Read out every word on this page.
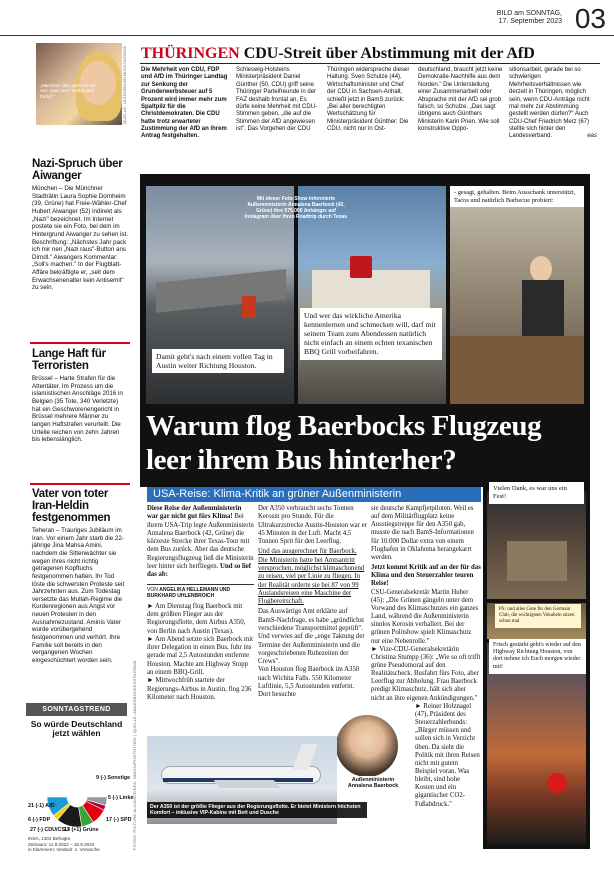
BILD am SONNTAG,
17. September 2023 03
„Nächstes Jahr pack ich mir nen „Nazi raus"-Button ans Dirndl."	QUELLE: LESDORNHEIM/INSTAGRAM
Nazi-Spruch über Aiwanger
München – Die Münchner Stadträtin Laura Sophie Dornheim (39, Grüne) hat Freie-Wähler-Chef Hubert Aiwanger (52) indirekt als „Nazi" bezeichnet. Im Internet postete sie ein Foto, bei dem im Hintergrund Aiwanger zu sehen ist. Beschriftung: „Nächstes Jahr pack ich mir nen „Nazi raus"-Button ans Dirndl." Aiwangers Kommentar: „Soll's machen." In der Flugblatt-Affäre bekräftigte er, „seit dem Erwachsenenalter kein Antisemit" zu sein.
Lange Haft für Terroristen
Brüssel – Harte Strafen für die Attentäter. Im Prozess um die islamistischen Anschläge 2016 in Belgien (35 Tote, 340 Verletzte) hat ein Geschworenengericht in Brüssel mehrere Männer zu langen Haftstrafen verurteilt. Die Urteile reichen von zehn Jahren bis lebenslänglich.
Vater von toter Iran-Heldin festgenommen
Teheran – Trauriges Jubiläum im Iran. Vor einem Jahr starb die 22-jährige Jina Mahsa Amini, nachdem die Sittenwächter sie wegen ihres nicht richtig getragenen Kopftuchs festgenommen hatten. Ihr Tod löste die schwersten Proteste seit Jahrzehnten aus. Zum Todestag versetzte das Mullah-Regime die Kurdenregionen aus Angst vor neuen Protesten in den Ausnahmezustand. Aminis Vater wurde vorübergehend festgenommen und verhört. Ihre Familie soll bereits in den vergangenen Wochen eingeschüchtert worden sein.
SONNTAGSTREND
So würde Deutschland jetzt wählen
21 (-1) AfD
6 (-) FDP
27 (-) CDU/CSU
13 (+1) Grüne
17 (-) SPD
5 (-) Linke
9 (-) Sonstige
INSA, 1304 Befragte,
Zeitraum: 11.9.2022 – 15.9.2022
in Klammern: Verändr. z. Vorwoche
THÜRINGEN CDU-Streit über Abstimmung mit der AfD
Die Mehrheit von CDU, FDP und AfD im Thüringer Landtag zur Senkung der Grunderwerbsteuer auf 5 Prozent wird immer mehr zum Spaltpilz für die Christdemokraten. Die CDU hatte trotz erwarteter Zustimmung der AfD an ihrem Antrag festgehalten.
Schleswig-Holsteins Ministerpräsident Daniel Günther (50, CDU) griff seine Thüringer Parteifreunde in der FAZ deshalb frontal an. Es dürfe keine Mehrheit mit CDU-Stimmen geben, „die auf die Stimmen der AfD angewiesen ist". Das Vorgehen der CDU
Thüringen widerspreche dieser Haltung. Sven Schulze (44), Wirtschaftsminister und Chef der CDU in Sachsen-Anhalt, schießt jetzt in BamS zurück: „Bei aller berechtigten Wertschätzung für Ministerpräsident Günther: Die CDU, nicht nur in Ost-
deutschland, braucht jetzt keine Demokratie-Nachhilfe aus dem Norden." Die Unterstellung einer Zusammenarbeit oder Absprache mit der AfD sei grob falsch, so Schulze. „Das sagt übrigens auch Günthers Ministerin Karin Prien. Wie soll konstruktive Oppo-
sitionsarbeit, gerade bei so schwierigen Mehrheitsverhältnissen wie derzeit in Thüringen, möglich sein, wenn CDU-Anträge nicht mal mehr zur Abstimmung gestellt werden dürfen?" Auch CDU-Chef Friedrich Merz (67) stellte sich hinter den Landesverband.	eas
Damit geht's nach einem vollen Tag in Austin weiter Richtung Houston.
Mit dieser Foto-Show informierte Außenministerin Annalena Baerbock (42, Grüne) ihre 575.000 Anhänger auf Instagram über ihren Roadtrip durch Texas
Und wer das wirkliche Amerika kennenlernen und schmecken will, darf mit seinem Team zum Abendessen natürlich nicht einfach an einem echten texanischen BBQ Grill vorbeifahren.
- gesagt, gehalten. Beim Ausschank unterstützt, Tacos und natürlich Barbecue probiert:
Warum flog Baerbocks Flugzeug
leer ihrem Bus hinterher?
USA-Reise: Klima-Kritik an grüner Außenministerin	Vielen Dank, es war uns ein Fest!
PS: und alles Gute für den Germain Club, die wichtigsten Vokabeln sitzen schon mal
Frisch gestärkt geht's wieder auf den Highway Richtung Houston, von dort nehme ich Euch morgen wieder mit!
Diese Reise der Außenministerin war gar nicht gut fürs Klima! Bei ihrem USA-Trip legte Außenministerin Annalena Baerbock (42, Grüne) die kürzeste Strecke ihrer Texas-Tour mit dem Bus zurück. Aber das deutsche Regierungsflugzeug ließ die Ministerin leer hinter sich herfliegen. Und so lief das ab:
VON ANGELIKA HELLEMANN UND BURKHARD UHLENBROICH
► Am Dienstag flog Baerbock mit dem größten Flieger aus der Regierungsflotte, dem Airbus A350, von Berlin nach Austin (Texas).
► Am Abend setzte sich Baerbock mit ihrer Delegation in einen Bus, fuhr ins gerade mal 2,5 Autostunden entfernte Houston. Machte am Highway Stopp an einem BBQ-Grill.
► Mittwochfrüh startete der Regierungs-Airbus in Austin, flog 236 Kilometer nach Houston.
Der A350 verbraucht sechs Tonnen Kerosin pro Stunde. Für die Ultrakurzstrecke Austin-Houston war er 45 Minuten in der Luft. Macht 4,5 Tonnen Sprit für den Leerflug.
Und das ausgerechnet für Baerbock. Die Ministerin hatte bei Amtsantritt versprochen, möglichst klimaschonend zu reisen, viel per Linie zu fliegen. In der Realität orderte sie bei 87 von 99 Auslandsreisen eine Maschine der Flugbereitschaft.
Das Auswärtige Amt erklärte auf BamS-Nachfrage, es habe „gründlichst verschiedene Transportmittel geprüft". Und verwies auf die „enge Taktung der Termine der Außenministerin und die vorgeschriebenen Ruhezeiten der Crews".
Von Houston flog Baerbock im A350 nach Wichita Falls. 550 Kilometer Luftlinie, 5,5 Autostunden entfernt. Dort besuchte
sie deutsche Kampfjetpiloten. Weil es auf dem Militärflugplatz keine Ausstiegstreppe für den A350 gab, musste die nach BamS-Informationen für 10.000 Dollar extra von einem Flughafen in Oklahoma herangekarrt werden.
Jetzt kommt Kritik auf an der für das Klima und den Steuerzahler teuren Reise!
CSU-Generalsekretär Martin Huber (45): „Die Grünen gängeln unter dem Vorwand des Klimaschutzes ein ganzes Land, während die Außenministerin sinnlos Kerosin verballert. Bei der grünen Politshow spielt Klimaschutz nur eine Nebenrolle."
► Vize-CDU-Generalsekretärin Christina Stumpp (36): „Wie so oft trifft grüne Pseudomoral auf den Realitätscheck. Busfahrt fürs Foto, aber Leerflug zur Abholung. Frau Baerbock predigt Klimaschutz, hält sich aber nicht an ihre eigenen Ankündigungen."
► Reiner Holznagel (47), Präsident des Steuerzahlerbunds: „Bürger müssen und sollen sich in Verzicht üben. Da sieht die Politik mit ihren Reisen nicht mit gutem Beispiel voran. Was bleibt, sind hohe Kosten und ein gigantischer CO2-Fußabdruck."
Außenministerin Annalena Baerbock
Der A350 ist der größte Flieger aus der Regierungsflotte. Er bietet Ministern höchsten Komfort – inklusive VIP-Kabine mit Bett und Dusche
FOTOS: PICTURE ALLIANCE/DPA; IMAGO/PHOTOTHEK | QUELLE: ABAERBOCK/INSTAGRAM
